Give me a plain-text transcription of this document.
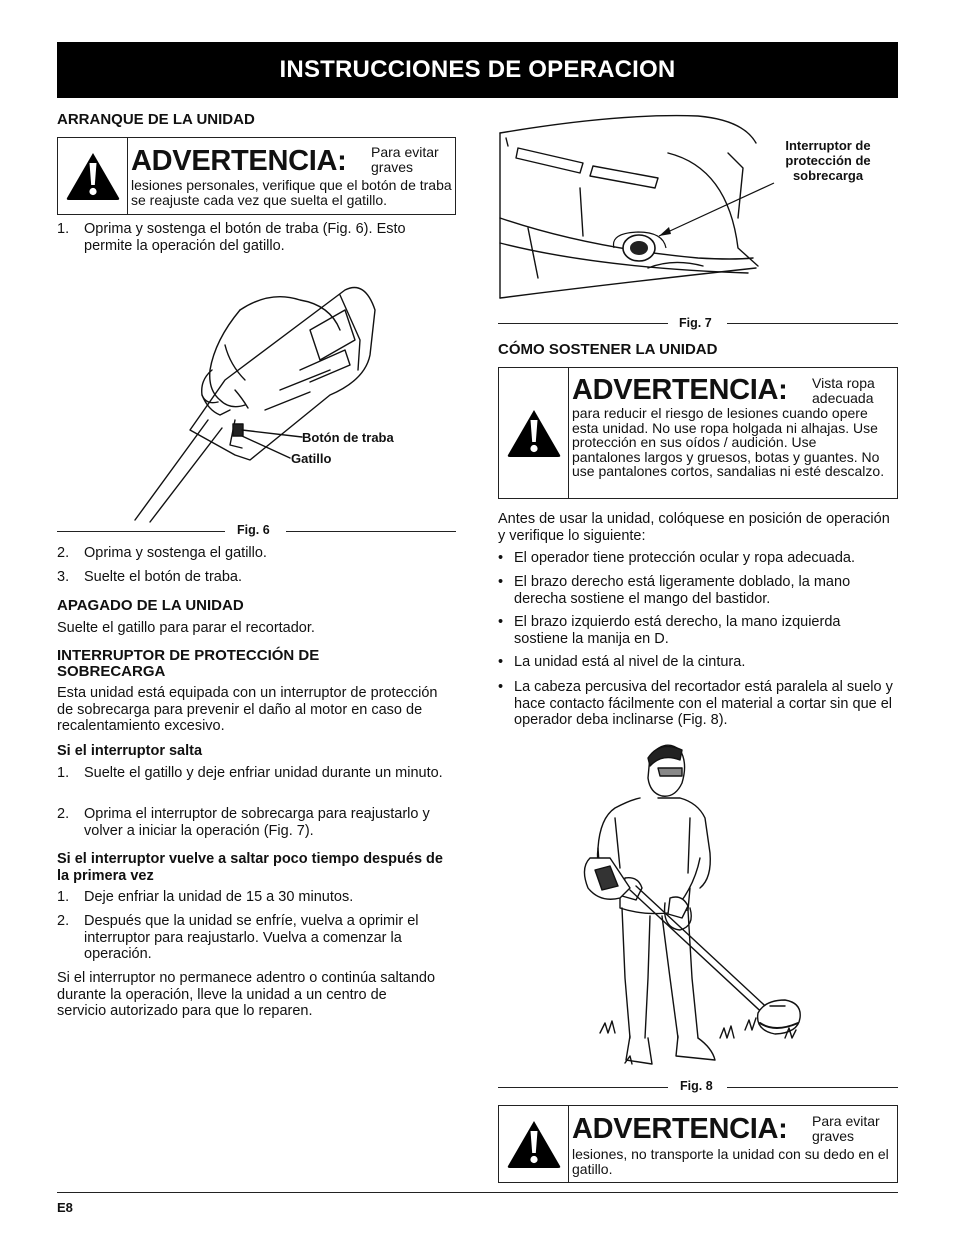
INSTRUCCIONES DE OPERACION
ARRANQUE DE LA UNIDAD
ADVERTENCIA: Para evitar graves
lesiones personales, verifique que el botón de traba se reajuste cada vez que suelta el gatillo.
1. Oprima y sostenga el botón de traba (Fig. 6). Esto permite la operación del gatillo.
Botón de traba
Gatillo
Fig. 6
2. Oprima y sostenga el gatillo.
3. Suelte el botón de traba.
APAGADO DE LA UNIDAD
Suelte el gatillo para parar el recortador.
INTERRUPTOR DE PROTECCIÓN DE SOBRECARGA
Esta unidad está equipada con un interruptor de protección de sobrecarga para prevenir el daño al motor en caso de recalentamiento excesivo.
Si el interruptor salta
1. Suelte el gatillo y deje enfriar unidad durante un minuto.
2. Oprima el interruptor de sobrecarga para reajustarlo y volver a iniciar la operación (Fig. 7).
Si el interruptor vuelve a saltar poco tiempo después de la primera vez
1. Deje enfriar la unidad de 15 a 30 minutos.
2. Después que la unidad se enfríe, vuelva a oprimir el interruptor para reajustarlo. Vuelva a comenzar la operación.
Si el interruptor no permanece adentro o continúa saltando durante la operación, lleve la unidad a un centro de servicio autorizado para que lo reparen.
Interruptor de protección de sobrecarga
Fig. 7
CÓMO SOSTENER LA UNIDAD
ADVERTENCIA: Vista ropa adecuada
para reducir el riesgo de lesiones cuando opere esta unidad. No use ropa holgada ni alhajas. Use protección en sus oídos / audición. Use pantalones largos y gruesos, botas y guantes. No use pantalones cortos, sandalias ni esté descalzo.
Antes de usar la unidad, colóquese en posición de operación y verifique lo siguiente:
• El operador tiene protección ocular y ropa adecuada.
• El brazo derecho está ligeramente doblado, la mano derecha sostiene el mango del bastidor.
• El brazo izquierdo está derecho, la mano izquierda sostiene la manija en D.
• La unidad está al nivel de la cintura.
• La cabeza percusiva del recortador está paralela al suelo y hace contacto fácilmente con el material a cortar sin que el operador deba inclinarse (Fig. 8).
Fig. 8
ADVERTENCIA: Para evitar graves
lesiones, no transporte la unidad con su dedo en el gatillo.
E8
